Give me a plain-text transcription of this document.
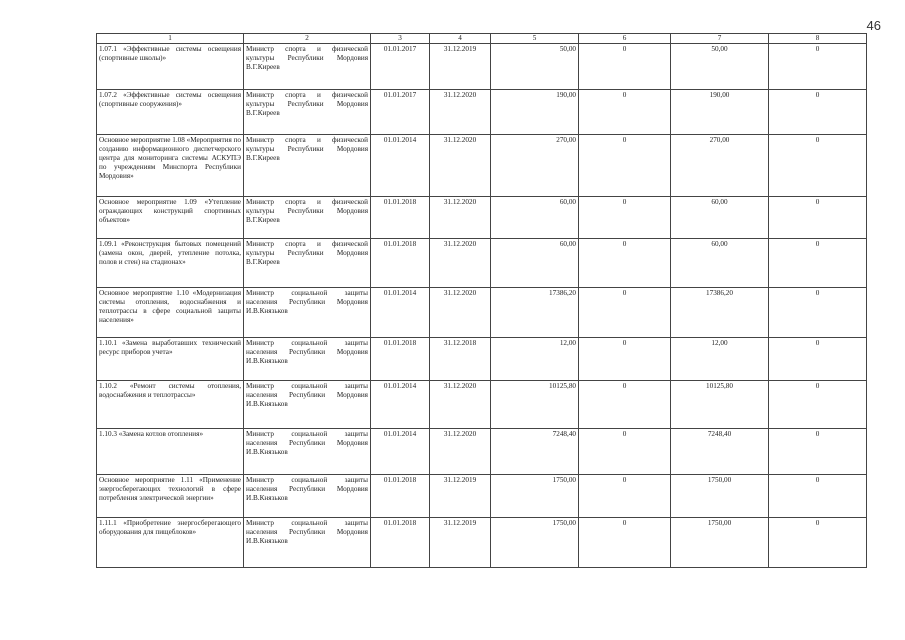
46
1	2	3	4	5	6	7	8
1.07.1 «Эффективные системы освещения (спортивные школы)»	Министр спорта и физической культуры Республики Мордовия В.Г.Киреев	01.01.2017	31.12.2019	50,00	0	50,00	0
1.07.2 «Эффективные системы освещения (спортивные сооружения)»	Министр спорта и физической культуры Республики Мордовия В.Г.Киреев	01.01.2017	31.12.2020	190,00	0	190,00	0
Основное мероприятие 1.08 «Мероприятия по созданию информационного диспетчерского центра для мониторинга системы АСКУПЭ по учреждениям Минспорта Республики Мордовия»	Министр спорта и физической культуры Республики Мордовия В.Г.Киреев	01.01.2014	31.12.2020	270,00	0	270,00	0
Основное мероприятие 1.09 «Утепление ограждающих конструкций спортивных объектов»	Министр спорта и физической культуры Республики Мордовия В.Г.Киреев	01.01.2018	31.12.2020	60,00	0	60,00	0
1.09.1 «Реконструкция бытовых помещений (замена окон, дверей, утепление потолка, полов и стен) на стадионах»	Министр спорта и физической культуры Республики Мордовия В.Г.Киреев	01.01.2018	31.12.2020	60,00	0	60,00	0
Основное мероприятие 1.10 «Модернизация системы отопления, водоснабжения и теплотрассы в сфере социальной защиты населения»	Министр социальной защиты населения Республики Мордовия И.В.Князьков	01.01.2014	31.12.2020	17386,20	0	17386,20	0
1.10.1 «Замена выработавших технический ресурс приборов учета»	Министр социальной защиты населения Республики Мордовия И.В.Князьков	01.01.2018	31.12.2018	12,00	0	12,00	0
1.10.2 «Ремонт системы отопления, водоснабжения и теплотрассы»	Министр социальной защиты населения Республики Мордовия И.В.Князьков	01.01.2014	31.12.2020	10125,80	0	10125,80	0
1.10.3 «Замена котлов отопления»	Министр социальной защиты населения Республики Мордовия И.В.Князьков	01.01.2014	31.12.2020	7248,40	0	7248,40	0
Основное мероприятие 1.11 «Применение энергосберегающих технологий в сфере потребления электрической энергии»	Министр социальной защиты населения Республики Мордовия И.В.Князьков	01.01.2018	31.12.2019	1750,00	0	1750,00	0
1.11.1 «Приобретение энергосберегающего оборудования для пищеблоков»	Министр социальной защиты населения Республики Мордовия И.В.Князьков	01.01.2018	31.12.2019	1750,00	0	1750,00	0
